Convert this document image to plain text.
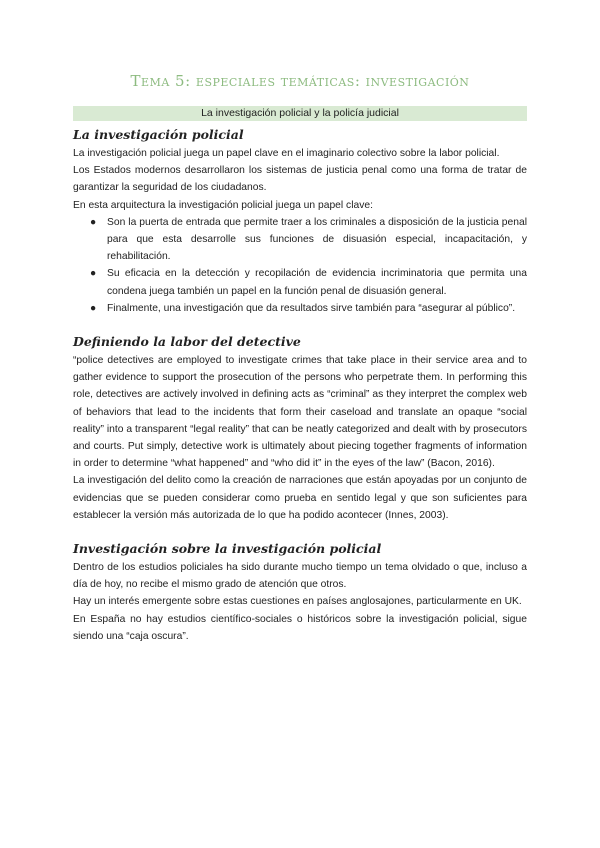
Tema 5: especiales temáticas: investigación
La investigación policial y la policía judicial
La investigación policial

La investigación policial juega un papel clave en el imaginario colectivo sobre la labor policial.

Los Estados modernos desarrollaron los sistemas de justicia penal como una forma de tratar de garantizar la seguridad de los ciudadanos.

En esta arquitectura la investigación policial juega un papel clave:

● Son la puerta de entrada que permite traer a los criminales a disposición de la justicia penal para que esta desarrolle sus funciones de disuasión especial, incapacitación, y rehabilitación.
● Su eficacia en la detección y recopilación de evidencia incriminatoria que permita una condena juega también un papel en la función penal de disuasión general.
● Finalmente, una investigación que da resultados sirve también para “asegurar al público”.
Definiendo la labor del detective

“police detectives are employed to investigate crimes that take place in their service area and to gather evidence to support the prosecution of the persons who perpetrate them. In performing this role, detectives are actively involved in defining acts as “criminal” as they interpret the complex web of behaviors that lead to the incidents that form their caseload and translate an opaque “social reality” into a transparent “legal reality” that can be neatly categorized and dealt with by prosecutors and courts. Put simply, detective work is ultimately about piecing together fragments of information in order to determine “what happened” and “who did it” in the eyes of the law” (Bacon, 2016).

La investigación del delito como la creación de narraciones que están apoyadas por un conjunto de evidencias que se pueden considerar como prueba en sentido legal y que son suficientes para establecer la versión más autorizada de lo que ha podido acontecer (Innes, 2003).

Investigación sobre la investigación policial

Dentro de los estudios policiales ha sido durante mucho tiempo un tema olvidado o que, incluso a día de hoy, no recibe el mismo grado de atención que otros.

Hay un interés emergente sobre estas cuestiones en países anglosajones, particularmente en UK.

En España no hay estudios científico-sociales o históricos sobre la investigación policial, sigue siendo una “caja oscura”.
